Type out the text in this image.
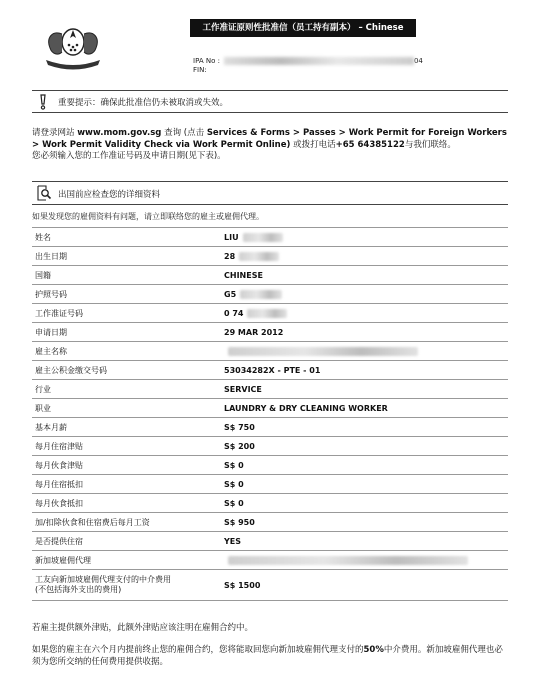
工作准证原则性批准信（员工持有副本） – Chinese
IPA No :	04
FIN:
重要提示：确保此批准信仍未被取消或失效。
请登录网站 www.mom.gov.sg 查询 (点击 Services & Forms > Passes > Work Permit for Foreign Workers > Work Permit Validity Check via Work Permit Online) 或拨打电话+65 64385122与我们联络。
您必须输入您的工作准证号码及申请日期(见下表)。
出国前应检查您的详细资料
如果发现您的雇佣资料有问题，请立即联络您的雇主或雇佣代理。
姓名	LIU
出生日期	28
国籍	CHINESE
护照号码	G5
工作准证号码	0 74
申请日期	29 MAR 2012
雇主名称	
雇主公积金缴交号码	53034282X - PTE - 01
行业	SERVICE
职业	LAUNDRY & DRY CLEANING WORKER
基本月薪	S$ 750
每月住宿津贴	S$ 200
每月伙食津贴	S$ 0
每月住宿抵扣	S$ 0
每月伙食抵扣	S$ 0
加/扣除伙食和住宿费后每月工资	S$ 950
是否提供住宿	YES
新加坡雇佣代理	
工友向新加坡雇佣代理支付的中介费用
(不包括海外支出的费用)	S$ 1500
若雇主提供额外津贴，此额外津贴应该注明在雇佣合约中。
如果您的雇主在六个月内提前终止您的雇佣合约，您将能取回您向新加坡雇佣代理支付的50%中介费用。新加坡雇佣代理也必须为您所交纳的任何费用提供收据。
